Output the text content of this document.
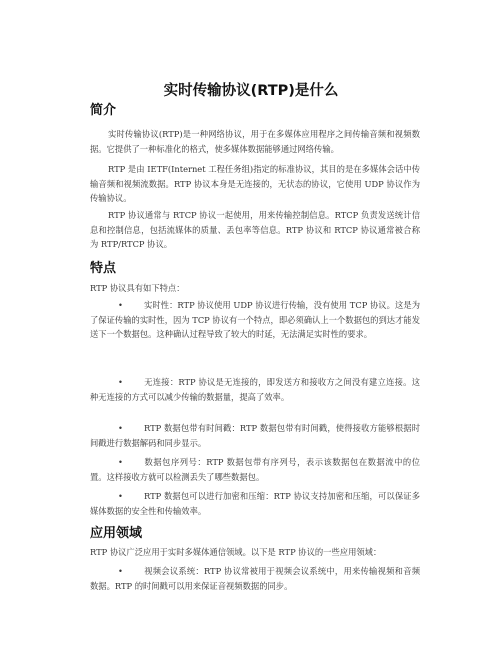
实时传输协议(RTP)是什么
简介

实时传输协议(RTP)是一种网络协议，用于在多媒体应用程序之间传输音频和视频数据。它提供了一种标准化的格式，使多媒体数据能够通过网络传输。

RTP 是由 IETF(Internet 工程任务组)指定的标准协议，其目的是在多媒体会话中传输音频和视频流数据。RTP 协议本身是无连接的，无状态的协议，它使用 UDP 协议作为传输协议。

RTP 协议通常与 RTCP 协议一起使用，用来传输控制信息。RTCP 负责发送统计信息和控制信息，包括流媒体的质量、丢包率等信息。RTP 协议和 RTCP 协议通常被合称为 RTP/RTCP 协议。

特点

RTP 协议具有如下特点：

•	实时性：RTP 协议使用 UDP 协议进行传输，没有使用 TCP 协议。这是为了保证传输的实时性，因为 TCP 协议有一个特点，即必须确认上一个数据包的到达才能发送下一个数据包。这种确认过程导致了较大的时延，无法满足实时性的要求。

•	无连接：RTP 协议是无连接的，即发送方和接收方之间没有建立连接。这种无连接的方式可以减少传输的数据量，提高了效率。

•	RTP 数据包带有时间戳：RTP 数据包带有时间戳，使得接收方能够根据时间戳进行数据解码和同步显示。

•	数据包序列号：RTP 数据包带有序列号，表示该数据包在数据流中的位置。这样接收方就可以检测丢失了哪些数据包。

•	RTP 数据包可以进行加密和压缩：RTP 协议支持加密和压缩，可以保证多媒体数据的安全性和传输效率。

应用领域

RTP 协议广泛应用于实时多媒体通信领域。以下是 RTP 协议的一些应用领域：

•	视频会议系统：RTP 协议常被用于视频会议系统中，用来传输视频和音频数据。RTP 的时间戳可以用来保证音视频数据的同步。
